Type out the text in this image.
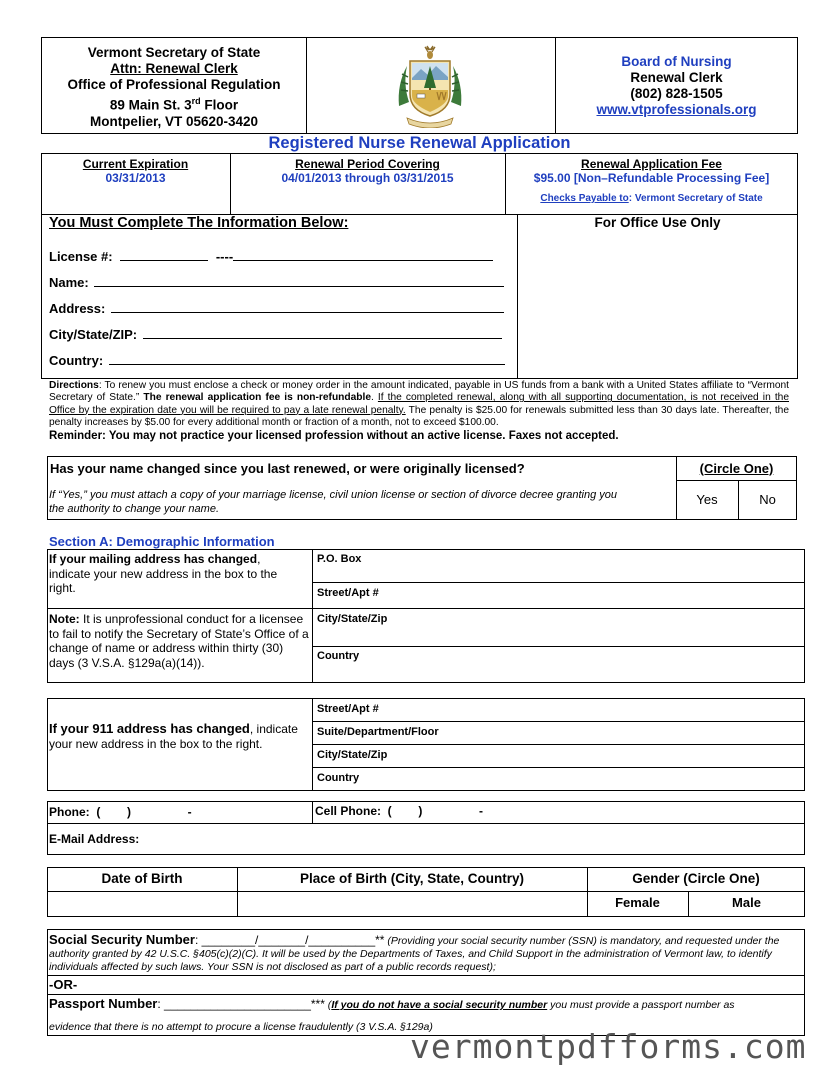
Vermont Secretary of State
Attn: Renewal Clerk
Office of Professional Regulation
89 Main St. 3rd Floor
Montpelier, VT 05620-3420
Board of Nursing
Renewal Clerk
(802) 828-1505
www.vtprofessionals.org
Registered Nurse Renewal Application
Current Expiration
03/31/2013
Renewal Period Covering
04/01/2013 through 03/31/2015
Renewal Application Fee
$95.00 [Non–Refundable Processing Fee]
Checks Payable to: Vermont Secretary of State
You Must Complete The Information Below:	For Office Use Only
License #:	----
Name:
Address:
City/State/ZIP:
Country:
Directions: To renew you must enclose a check or money order in the amount indicated, payable in US funds from a bank with a United States affiliate to “Vermont Secretary of State.” The renewal application fee is non-refundable. If the completed renewal, along with all supporting documentation, is not received in the Office by the expiration date you will be required to pay a late renewal penalty. The penalty is $25.00 for renewals submitted less than 30 days late. Thereafter, the penalty increases by $5.00 for every additional month or fraction of a month, not to exceed $100.00.
Reminder: You may not practice your licensed profession without an active license. Faxes not accepted.
Has your name changed since you last renewed, or were originally licensed?	(Circle One)
If “Yes,” you must attach a copy of your marriage license, civil union license or section of divorce decree granting you the authority to change your name.
Yes	No
Section A: Demographic Information
If your mailing address has changed, indicate your new address in the box to the right.
Note: It is unprofessional conduct for a licensee to fail to notify the Secretary of State’s Office of a change of name or address within thirty (30) days (3 V.S.A. §129a(a)(14)).
P.O. Box
Street/Apt #
City/State/Zip
Country
If your 911 address has changed, indicate your new address in the box to the right.
Street/Apt #
Suite/Department/Floor
City/State/Zip
Country
Phone:  (        )                 -	Cell Phone:  (        )                 -
E-Mail Address:
Date of Birth	Place of Birth (City, State, Country)	Gender (Circle One)
Female	Male
Social Security Number: ________/_______/__________** (Providing your social security number (SSN) is mandatory, and requested under the authority granted by 42 U.S.C. §405(c)(2)(C). It will be used by the Departments of Taxes, and Child Support in the administration of Vermont law, to identify individuals affected by such laws. Your SSN is not disclosed as part of a public records request);
-OR-
Passport Number: ______________________*** (If you do not have a social security number you must provide a passport number as
evidence that there is no attempt to procure a license fraudulently (3 V.S.A. §129a)
vermontpdfforms.com
